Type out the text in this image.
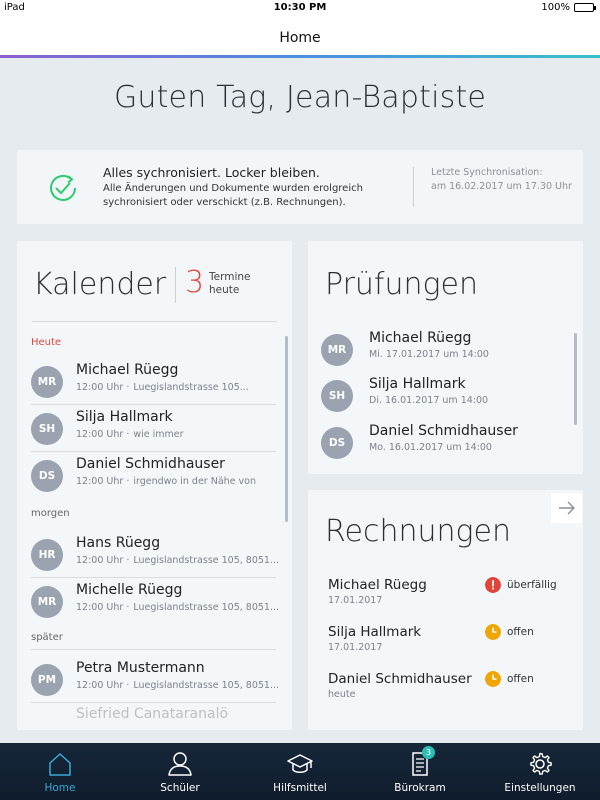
iPad	10:30 PM	100%
Home
Guten Tag, Jean-Baptiste
Alles sychronisiert. Locker bleiben.
Alle Änderungen und Dokumente wurden erolgreich sychronisiert oder verschickt (z.B. Rechnungen).
Letzte Synchronisation:
am 16.02.2017 um 17.30 Uhr
Kalender 3 Termine heute
Heute
MR
Michael Rüegg
12:00 Uhr · Luegislandstrasse 105...
SH
Silja Hallmark
12:00 Uhr · wie immer
DS
Daniel Schmidhauser
12:00 Uhr · irgendwo in der Nähe von
morgen
HR
Hans Rüegg
12:00 Uhr · Luegislandstrasse 105, 8051...
MR
Michelle Rüegg
12:00 Uhr · Luegislandstrasse 105, 8051...
später
PM
Petra Mustermann
12:00 Uhr · Luegislandstrasse 105, 8051...
Siefried Canataranalö
Prüfungen
MR
Michael Rüegg
Mi. 17.01.2017 um 14:00
SH
Silja Hallmark
Di. 16.01.2017 um 14:00
DS
Daniel Schmidhauser
Mo. 16.01.2017 um 14:00
Rechnungen
Michael Rüegg
17.01.2017
überfällig
Silja Hallmark
17.01.2017
offen
Daniel Schmidhauser
heute
offen
Home	Schüler	Hilfsmittel	Bürokram	Einstellungen
3
